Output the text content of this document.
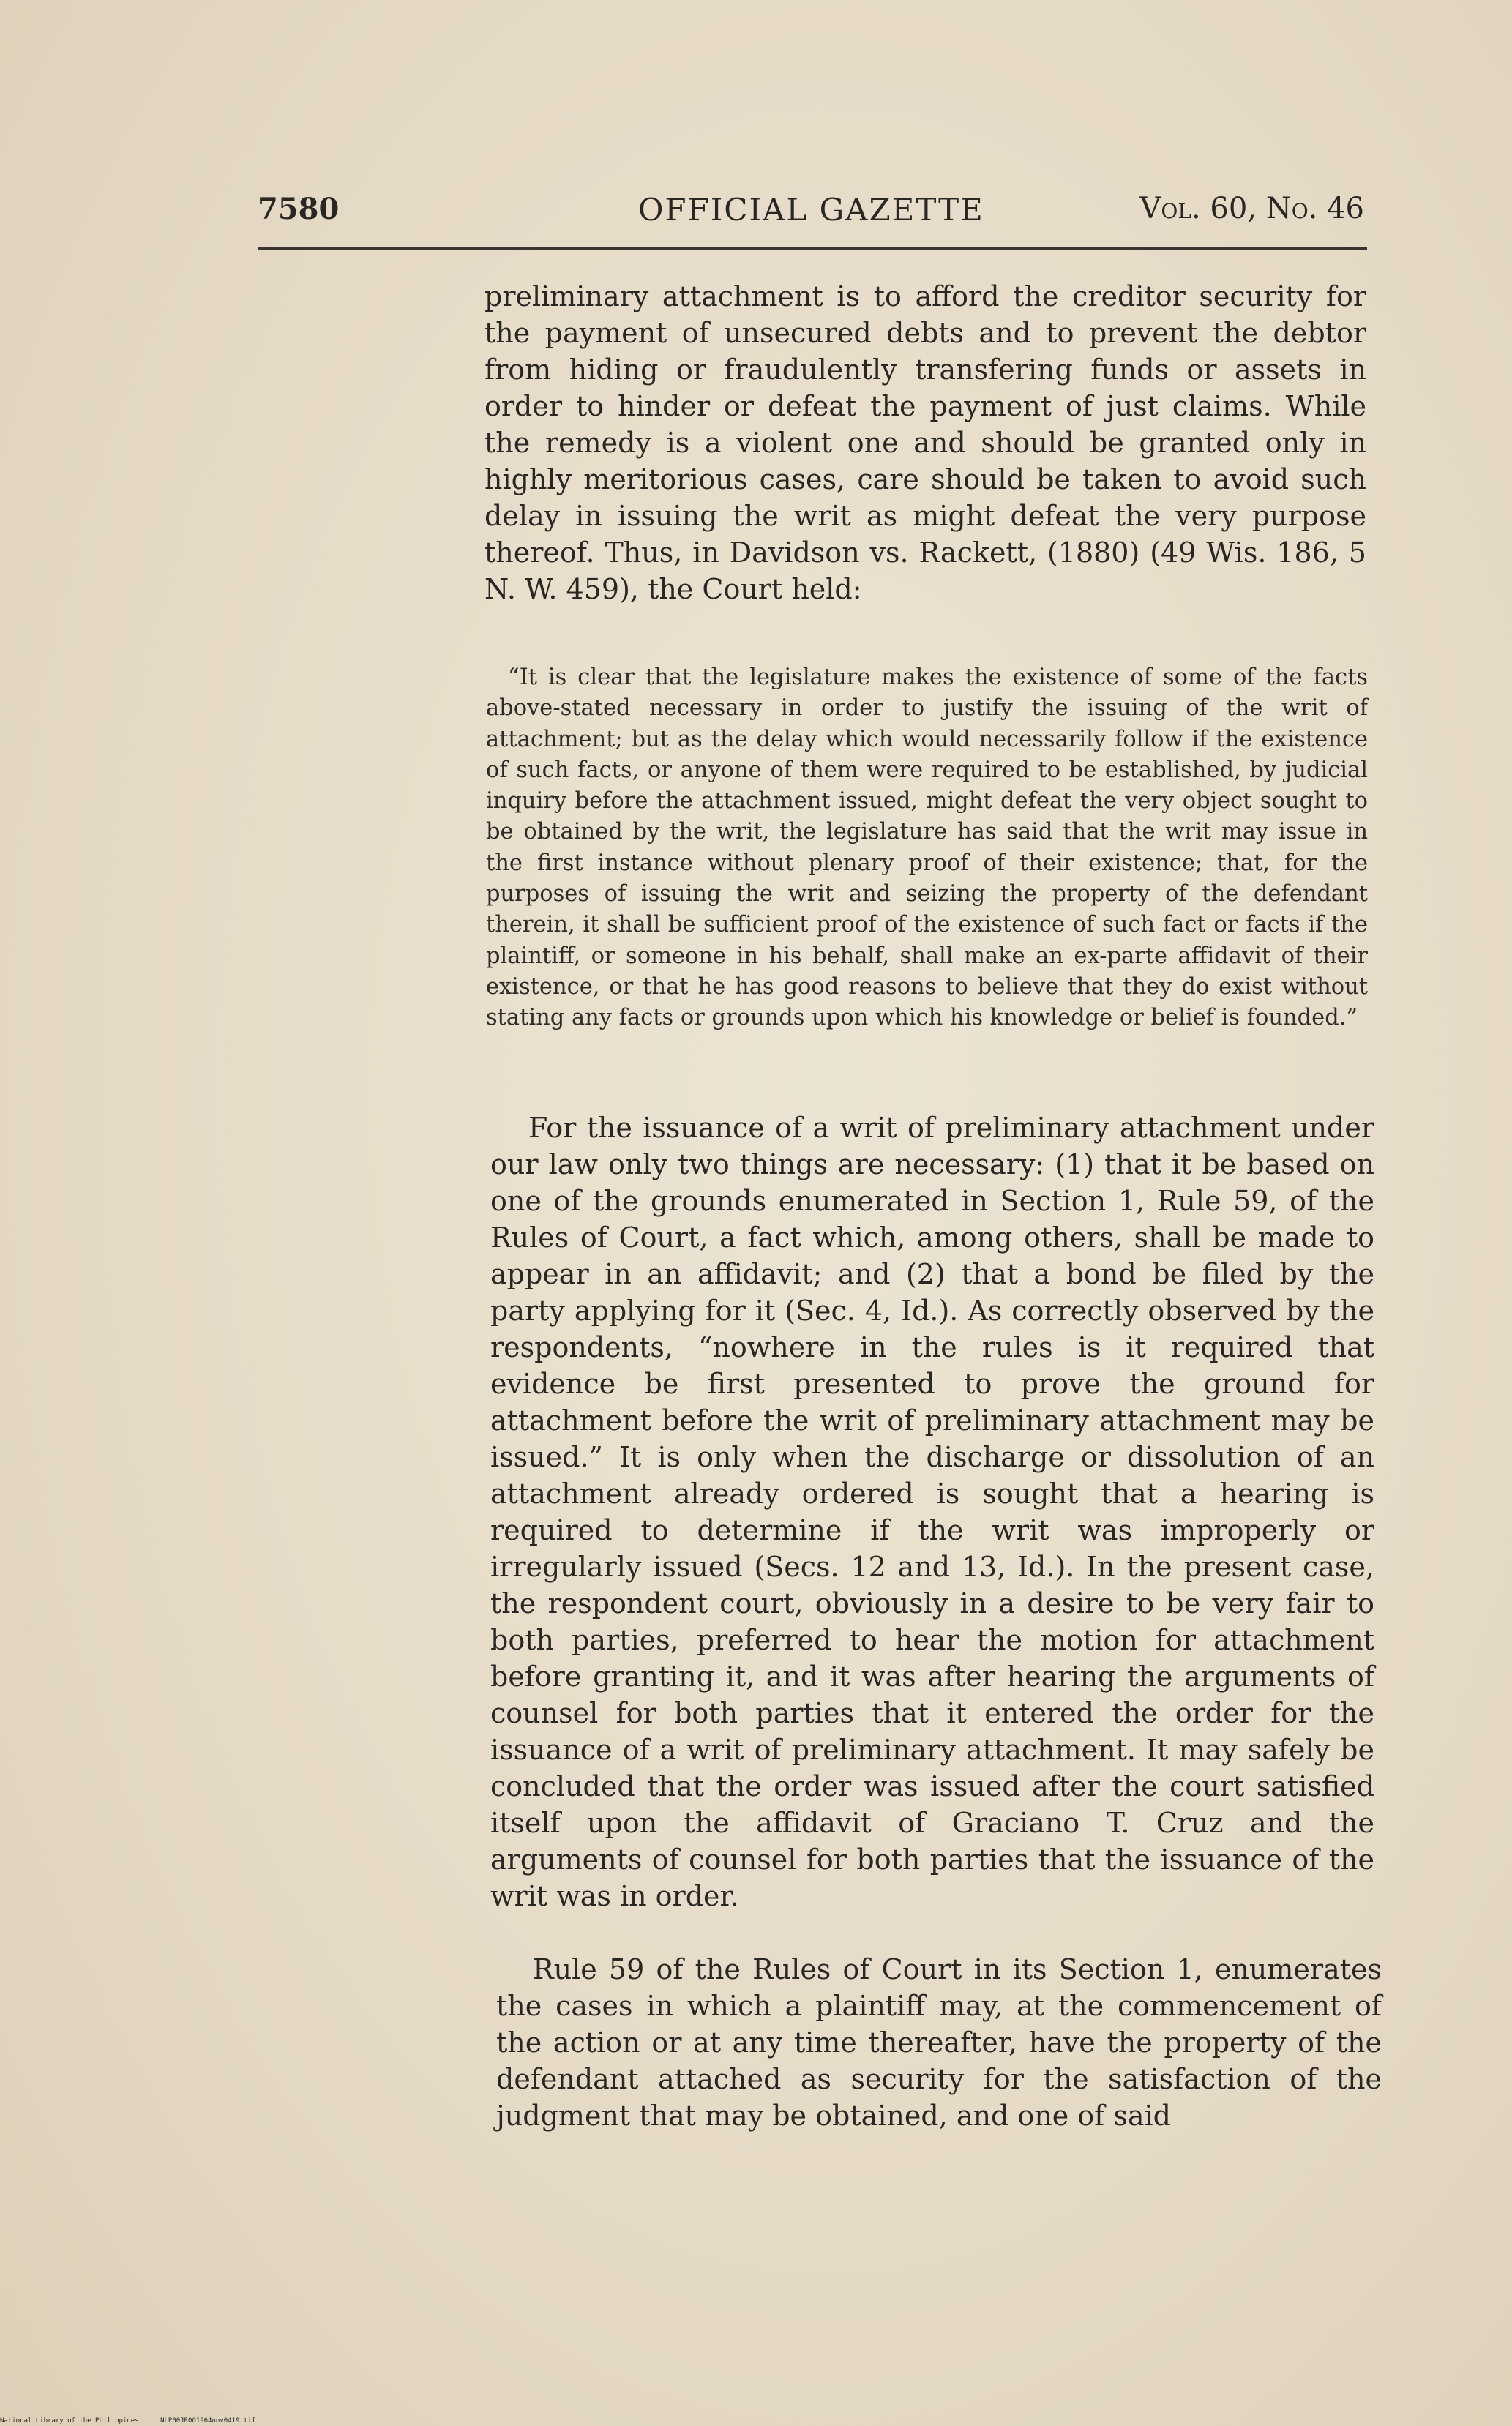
7580	OFFICIAL GAZETTE	Vol. 60, No. 46

preliminary attachment is to afford the creditor security for the payment of unsecured debts and to prevent the debtor from hiding or fraudulently transfering funds or assets in order to hinder or defeat the payment of just claims. While the remedy is a violent one and should be granted only in highly meritorious cases, care should be taken to avoid such delay in issuing the writ as might defeat the very purpose thereof. Thus, in Davidson vs. Rackett, (1880) (49 Wis. 186, 5 N. W. 459), the Court held:

“It is clear that the legislature makes the existence of some of the facts above-stated necessary in order to justify the issuing of the writ of attachment; but as the delay which would necessarily follow if the existence of such facts, or anyone of them were required to be established, by judicial inquiry before the attachment issued, might defeat the very object sought to be obtained by the writ, the legislature has said that the writ may issue in the first instance without plenary proof of their existence; that, for the purposes of issuing the writ and seizing the property of the defendant therein, it shall be sufficient proof of the existence of such fact or facts if the plaintiff, or someone in his behalf, shall make an ex-parte affidavit of their existence, or that he has good reasons to believe that they do exist without stating any facts or grounds upon which his knowledge or belief is founded.”

For the issuance of a writ of preliminary attachment under our law only two things are necessary: (1) that it be based on one of the grounds enumerated in Section 1, Rule 59, of the Rules of Court, a fact which, among others, shall be made to appear in an affidavit; and (2) that a bond be filed by the party applying for it (Sec. 4, Id.). As correctly observed by the respondents, “nowhere in the rules is it required that evidence be first presented to prove the ground for attachment before the writ of preliminary attachment may be issued.” It is only when the discharge or dissolution of an attachment already ordered is sought that a hearing is required to determine if the writ was improperly or irregularly issued (Secs. 12 and 13, Id.). In the present case, the respondent court, obviously in a desire to be very fair to both parties, preferred to hear the motion for attachment before granting it, and it was after hearing the arguments of counsel for both parties that it entered the order for the issuance of a writ of preliminary attachment. It may safely be concluded that the order was issued after the court satisfied itself upon the affidavit of Graciano T. Cruz and the arguments of counsel for both parties that the issuance of the writ was in order.

Rule 59 of the Rules of Court in its Section 1, enumerates the cases in which a plaintiff may, at the commencement of the action or at any time thereafter, have the property of the defendant attached as security for the satisfaction of the judgment that may be obtained, and one of said

National Library of the Philippines	NLP00JR0G1964nov0419.tif
